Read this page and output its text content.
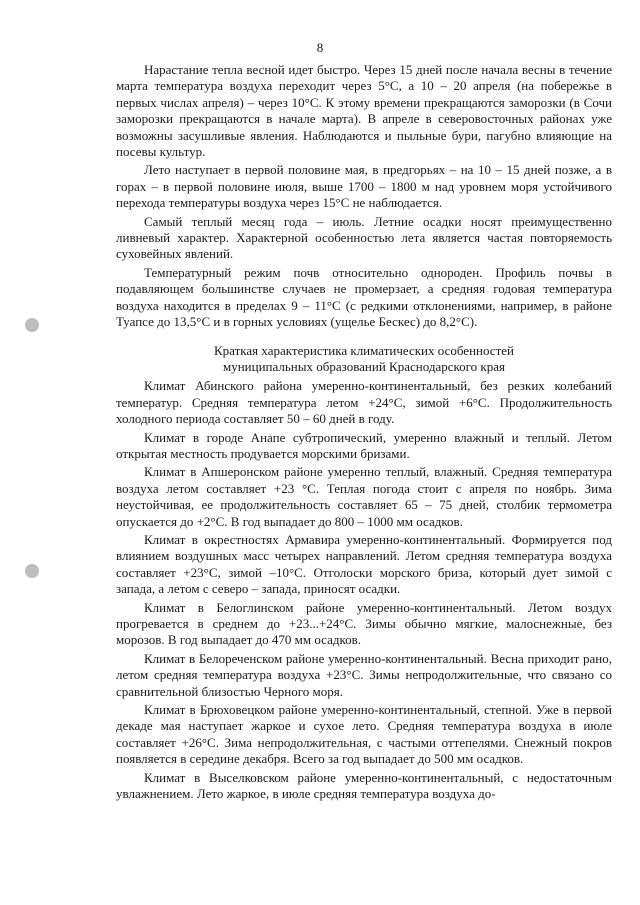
8

Нарастание тепла весной идет быстро. Через 15 дней после начала весны в течение марта температура воздуха переходит через 5°С, а 10 – 20 апреля (на побережье в первых числах апреля) – через 10°С. К этому времени прекращаются заморозки (в Сочи заморозки прекращаются в начале марта). В апреле в северовосточных районах уже возможны засушливые явления. Наблюдаются и пыльные бури, пагубно влияющие на посевы культур.

Лето наступает в первой половине мая, в предгорьях – на 10 – 15 дней позже, а в горах – в первой половине июля, выше 1700 – 1800 м над уровнем моря устойчивого перехода температуры воздуха через 15°С не наблюдается.

Самый теплый месяц года – июль. Летние осадки носят преимущественно ливневый характер. Характерной особенностью лета является частая повторяемость суховейных явлений.

Температурный режим почв относительно однороден. Профиль почвы в подавляющем большинстве случаев не промерзает, а средняя годовая температура воздуха находится в пределах 9 – 11°С (с редкими отклонениями, например, в районе Туапсе до 13,5°С и в горных условиях (ущелье Бескес) до 8,2°С).

Краткая характеристика климатических особенностей
муниципальных образований Краснодарского края

Климат Абинского района умеренно-континентальный, без резких колебаний температур. Средняя температура летом +24°С, зимой +6°С. Продолжительность холодного периода составляет 50 – 60 дней в году.

Климат в городе Анапе субтропический, умеренно влажный и теплый. Летом открытая местность продувается морскими бризами.

Климат в Апшеронском районе умеренно теплый, влажный. Средняя температура воздуха летом составляет +23 °С. Теплая погода стоит с апреля по ноябрь. Зима неустойчивая, ее продолжительность составляет 65 – 75 дней, столбик термометра опускается до +2°С. В год выпадает до 800 – 1000 мм осадков.

Климат в окрестностях Армавира умеренно-континентальный. Формируется под влиянием воздушных масс четырех направлений. Летом средняя температура воздуха составляет +23°С, зимой –10°С. Отголоски морского бриза, который дует зимой с запада, а летом с северо – запада, приносят осадки.

Климат в Белоглинском районе умеренно-континентальный. Летом воздух прогревается в среднем до +23...+24°С. Зимы обычно мягкие, малоснежные, без морозов. В год выпадает до 470 мм осадков.

Климат в Белореченском районе умеренно-континентальный. Весна приходит рано, летом средняя температура воздуха +23°С. Зимы непродолжительные, что связано со сравнительной близостью Черного моря.

Климат в Брюховецком районе умеренно-континентальный, степной. Уже в первой декаде мая наступает жаркое и сухое лето. Средняя температура воздуха в июле составляет +26°С. Зима непродолжительная, с частыми оттепелями. Снежный покров появляется в середине декабря. Всего за год выпадает до 500 мм осадков.

Климат в Выселковском районе умеренно-континентальный, с недостаточным увлажнением. Лето жаркое, в июле средняя температура воздуха до-
